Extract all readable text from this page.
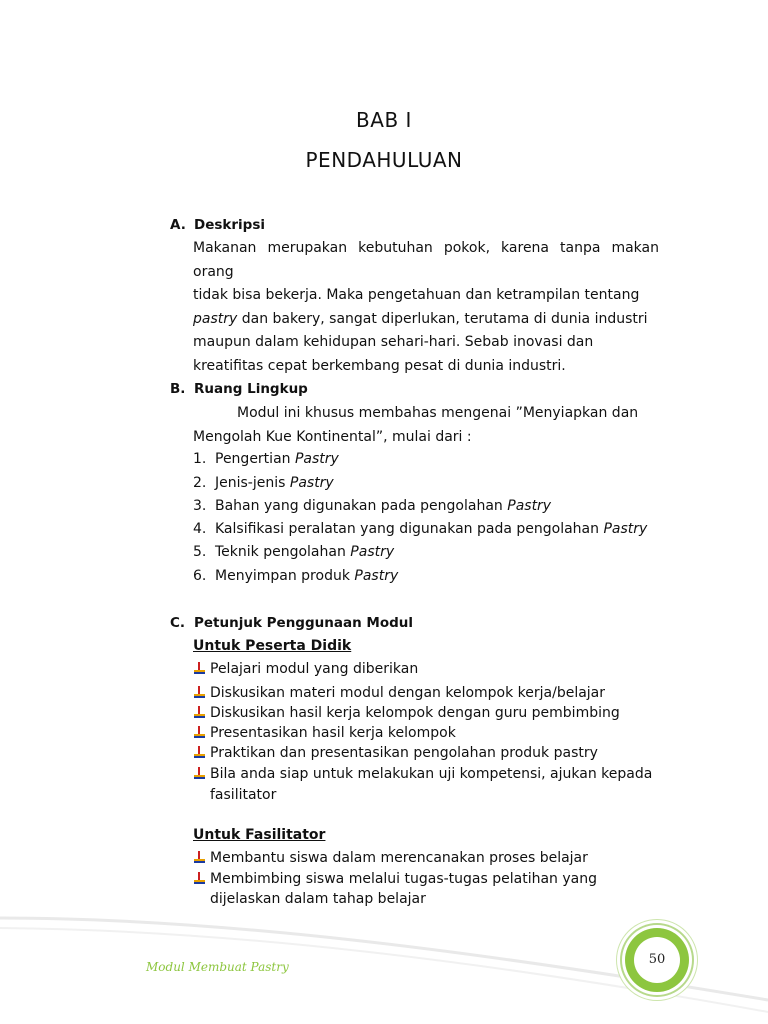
BAB I
PENDAHULUAN
A. Deskripsi
Makanan merupakan kebutuhan pokok, karena tanpa makan orang
tidak bisa bekerja. Maka pengetahuan dan ketrampilan tentang
pastry dan bakery, sangat diperlukan, terutama di dunia industri
maupun dalam kehidupan sehari-hari. Sebab inovasi dan
kreatifitas cepat berkembang pesat di dunia industri.
B. Ruang Lingkup
Modul ini khusus membahas mengenai ”Menyiapkan dan
Mengolah Kue Kontinental”, mulai dari :
1. Pengertian Pastry
2. Jenis-jenis Pastry
3. Bahan yang digunakan pada pengolahan Pastry
4. Kalsifikasi peralatan yang digunakan pada pengolahan Pastry
5. Teknik pengolahan Pastry
6. Menyimpan produk Pastry
C. Petunjuk Penggunaan Modul
Untuk Peserta Didik
Pelajari modul yang diberikan
Diskusikan materi modul dengan kelompok kerja/belajar
Diskusikan hasil kerja kelompok dengan guru pembimbing
Presentasikan hasil kerja kelompok
Praktikan dan presentasikan pengolahan produk pastry
Bila anda siap untuk melakukan uji kompetensi, ajukan kepada
fasilitator
Untuk Fasilitator
Membantu siswa dalam merencanakan proses belajar
Membimbing siswa melalui tugas-tugas pelatihan yang
dijelaskan dalam tahap belajar
Modul Membuat Pastry	50
